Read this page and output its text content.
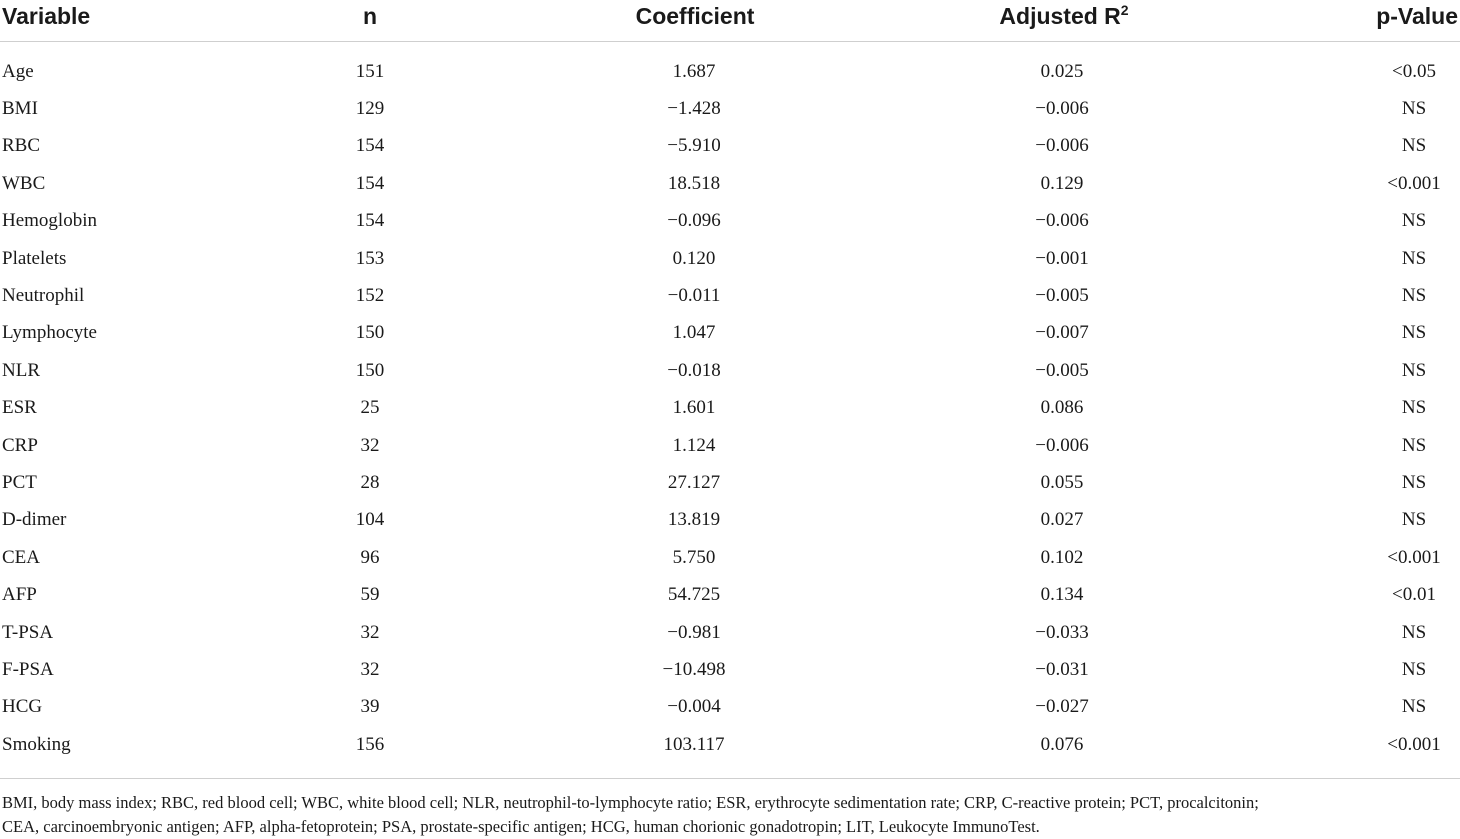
Variable	n	Coefficient	Adjusted $R^2$	p-Value
Age	151	1.687	0.025	<0.05
BMI	129	−1.428	−0.006	NS
RBC	154	−5.910	−0.006	NS
WBC	154	18.518	0.129	<0.001
Hemoglobin	154	−0.096	−0.006	NS
Platelets	153	0.120	−0.001	NS
Neutrophil	152	−0.011	−0.005	NS
Lymphocyte	150	1.047	−0.007	NS
NLR	150	−0.018	−0.005	NS
ESR	25	1.601	0.086	NS
CRP	32	1.124	−0.006	NS
PCT	28	27.127	0.055	NS
D-dimer	104	13.819	0.027	NS
CEA	96	5.750	0.102	<0.001
AFP	59	54.725	0.134	<0.01
T-PSA	32	−0.981	−0.033	NS
F-PSA	32	−10.498	−0.031	NS
HCG	39	−0.004	−0.027	NS
Smoking	156	103.117	0.076	<0.001
BMI, body mass index; RBC, red blood cell; WBC, white blood cell; NLR, neutrophil-to-lymphocyte ratio; ESR, erythrocyte sedimentation rate; CRP, C-reactive protein; PCT, procalcitonin;
CEA, carcinoembryonic antigen; AFP, alpha-fetoprotein; PSA, prostate-specific antigen; HCG, human chorionic gonadotropin; LIT, Leukocyte ImmunoTest.
